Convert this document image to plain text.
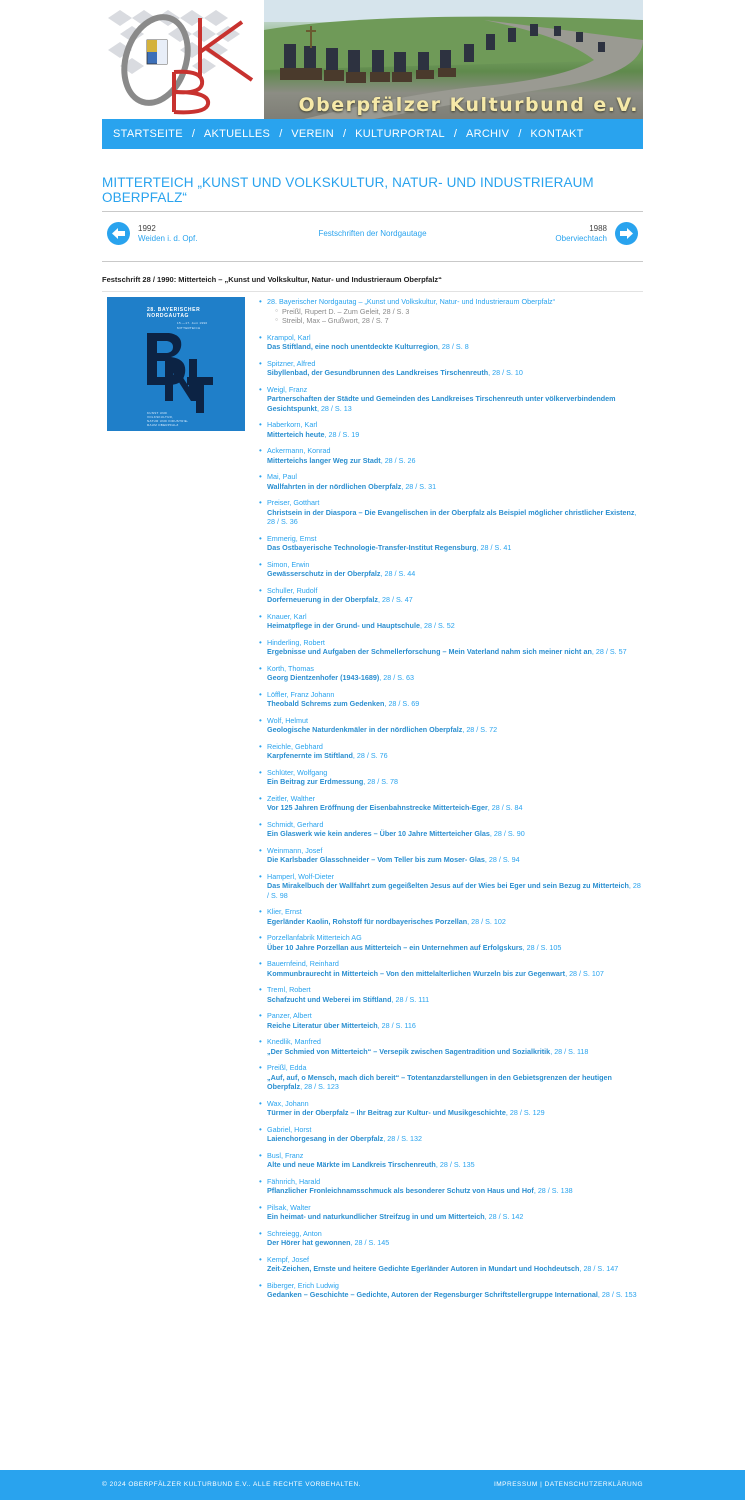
Oberpfälzer Kulturbund e.V.
STARTSEITE / AKTUELLES / VEREIN / KULTURPORTAL / ARCHIV / KONTAKT
MITTERTEICH „KUNST UND VOLKSKULTUR, NATUR- UND INDUSTRIERAUM OBERPFALZ“
1992
Weiden i. d. Opf.
Festschriften der Nordgautage
1988
Oberviechtach
Festschrift 28 / 1990: Mitterteich – „Kunst und Volkskultur, Natur- und Industrieraum Oberpfalz“
28. BAYERISCHER
NORDGAUTAG
15.—17. Juni 1990
MITTERTEICH
KUNST UND
VOLKSKULTUR,
NATUR UND INDUSTRIE-
RAUM OBERPFALZ
• 28. Bayerischer Nordgautag – „Kunst und Volkskultur, Natur- und Industrieraum Oberpfalz“
○ Preißl, Rupert D. – Zum Geleit, 28 / S. 3
○ Streibl, Max – Grußwort, 28 / S. 7
• Krampol, Karl
Das Stiftland, eine noch unentdeckte Kulturregion, 28 / S. 8
• Spitzner, Alfred
Sibyllenbad, der Gesundbrunnen des Landkreises Tirschenreuth, 28 / S. 10
• Weigl, Franz
Partnerschaften der Städte und Gemeinden des Landkreises Tirschenreuth unter völkerverbindendem Gesichtspunkt, 28 / S. 13
• Haberkorn, Karl
Mitterteich heute, 28 / S. 19
• Ackermann, Konrad
Mitterteichs langer Weg zur Stadt, 28 / S. 26
• Mai, Paul
Wallfahrten in der nördlichen Oberpfalz, 28 / S. 31
• Preiser, Gotthart
Christsein in der Diaspora – Die Evangelischen in der Oberpfalz als Beispiel möglicher christlicher Existenz, 28 / S. 36
• Emmerig, Ernst
Das Ostbayerische Technologie-Transfer-Institut Regensburg, 28 / S. 41
• Simon, Erwin
Gewässerschutz in der Oberpfalz, 28 / S. 44
• Schuller, Rudolf
Dorferneuerung in der Oberpfalz, 28 / S. 47
• Knauer, Karl
Heimatpflege in der Grund- und Hauptschule, 28 / S. 52
• Hinderling, Robert
Ergebnisse und Aufgaben der Schmellerforschung – Mein Vaterland nahm sich meiner nicht an, 28 / S. 57
• Korth, Thomas
Georg Dientzenhofer (1943-1689), 28 / S. 63
• Löffler, Franz Johann
Theobald Schrems zum Gedenken, 28 / S. 69
• Wolf, Helmut
Geologische Naturdenkmäler in der nördlichen Oberpfalz, 28 / S. 72
• Reichle, Gebhard
Karpfenernte im Stiftland, 28 / S. 76
• Schlüter, Wolfgang
Ein Beitrag zur Erdmessung, 28 / S. 78
• Zeitler, Walther
Vor 125 Jahren Eröffnung der Eisenbahnstrecke Mitterteich-Eger, 28 / S. 84
• Schmidt, Gerhard
Ein Glaswerk wie kein anderes – Über 10 Jahre Mitterteicher Glas, 28 / S. 90
• Weinmann, Josef
Die Karlsbader Glasschneider – Vom Teller bis zum Moser- Glas, 28 / S. 94
• Hamperl, Wolf-Dieter
Das Mirakelbuch der Wallfahrt zum gegeißelten Jesus auf der Wies bei Eger und sein Bezug zu Mitterteich, 28 / S. 98
• Klier, Ernst
Egerländer Kaolin, Rohstoff für nordbayerisches Porzellan, 28 / S. 102
• Porzellanfabrik Mitterteich AG
Über 10 Jahre Porzellan aus Mitterteich – ein Unternehmen auf Erfolgskurs, 28 / S. 105
• Bauernfeind, Reinhard
Kommunbraurecht in Mitterteich – Von den mittelalterlichen Wurzeln bis zur Gegenwart, 28 / S. 107
• Treml, Robert
Schafzucht und Weberei im Stiftland, 28 / S. 111
• Panzer, Albert
Reiche Literatur über Mitterteich, 28 / S. 116
• Knedlik, Manfred
„Der Schmied von Mitterteich“ – Versepik zwischen Sagentradition und Sozialkritik, 28 / S. 118
• Preißl, Edda
„Auf, auf, o Mensch, mach dich bereit“ – Totentanzdarstellungen in den Gebietsgrenzen der heutigen Oberpfalz, 28 / S. 123
• Wax, Johann
Türmer in der Oberpfalz – Ihr Beitrag zur Kultur- und Musikgeschichte, 28 / S. 129
• Gabriel, Horst
Laienchorgesang in der Oberpfalz, 28 / S. 132
• Busl, Franz
Alte und neue Märkte im Landkreis Tirschenreuth, 28 / S. 135
• Fähnrich, Harald
Pflanzlicher Fronleichnamsschmuck als besonderer Schutz von Haus und Hof, 28 / S. 138
• Pilsak, Walter
Ein heimat- und naturkundlicher Streifzug in und um Mitterteich, 28 / S. 142
• Schreiegg, Anton
Der Hörer hat gewonnen, 28 / S. 145
• Kempf, Josef
Zeit-Zeichen, Ernste und heitere Gedichte Egerländer Autoren in Mundart und Hochdeutsch, 28 / S. 147
• Biberger, Erich Ludwig
Gedanken – Geschichte – Gedichte, Autoren der Regensburger Schriftstellergruppe International, 28 / S. 153
© 2024 OBERPFÄLZER KULTURBUND E.V.. ALLE RECHTE VORBEHALTEN.	IMPRESSUM | DATENSCHUTZERKLÄRUNG
